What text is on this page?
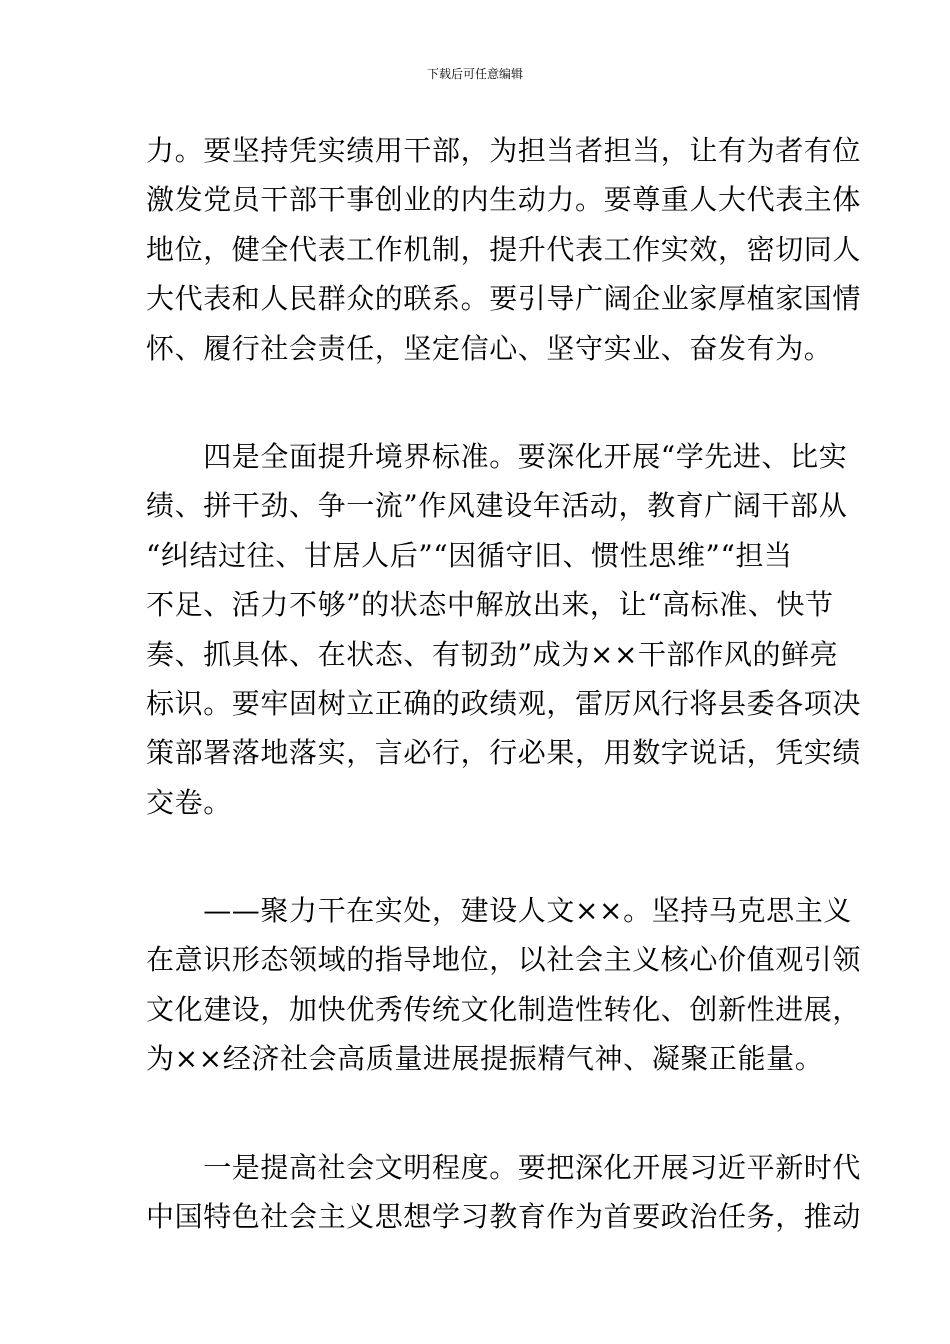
下载后可任意编辑
力。要坚持凭实绩用干部，为担当者担当，让有为者有位
激发党员干部干事创业的内生动力。要尊重人大代表主体
地位，健全代表工作机制，提升代表工作实效，密切同人
大代表和人民群众的联系。要引导广阔企业家厚植家国情
怀、履行社会责任，坚定信心、坚守实业、奋发有为。
　　四是全面提升境界标准。要深化开展“学先进、比实
绩、拼干劲、争一流”作风建设年活动，教育广阔干部从
“纠结过往、甘居人后”“因循守旧、惯性思维”“担当
不足、活力不够”的状态中解放出来，让“高标准、快节
奏、抓具体、在状态、有韧劲”成为××干部作风的鲜亮
标识。要牢固树立正确的政绩观，雷厉风行将县委各项决
策部署落地落实，言必行，行必果，用数字说话，凭实绩
交卷。
　　——聚力干在实处，建设人文××。坚持马克思主义
在意识形态领域的指导地位，以社会主义核心价值观引领
文化建设，加快优秀传统文化制造性转化、创新性进展，
为××经济社会高质量进展提振精气神、凝聚正能量。
　　一是提高社会文明程度。要把深化开展习近平新时代
中国特色社会主义思想学习教育作为首要政治任务，推动
